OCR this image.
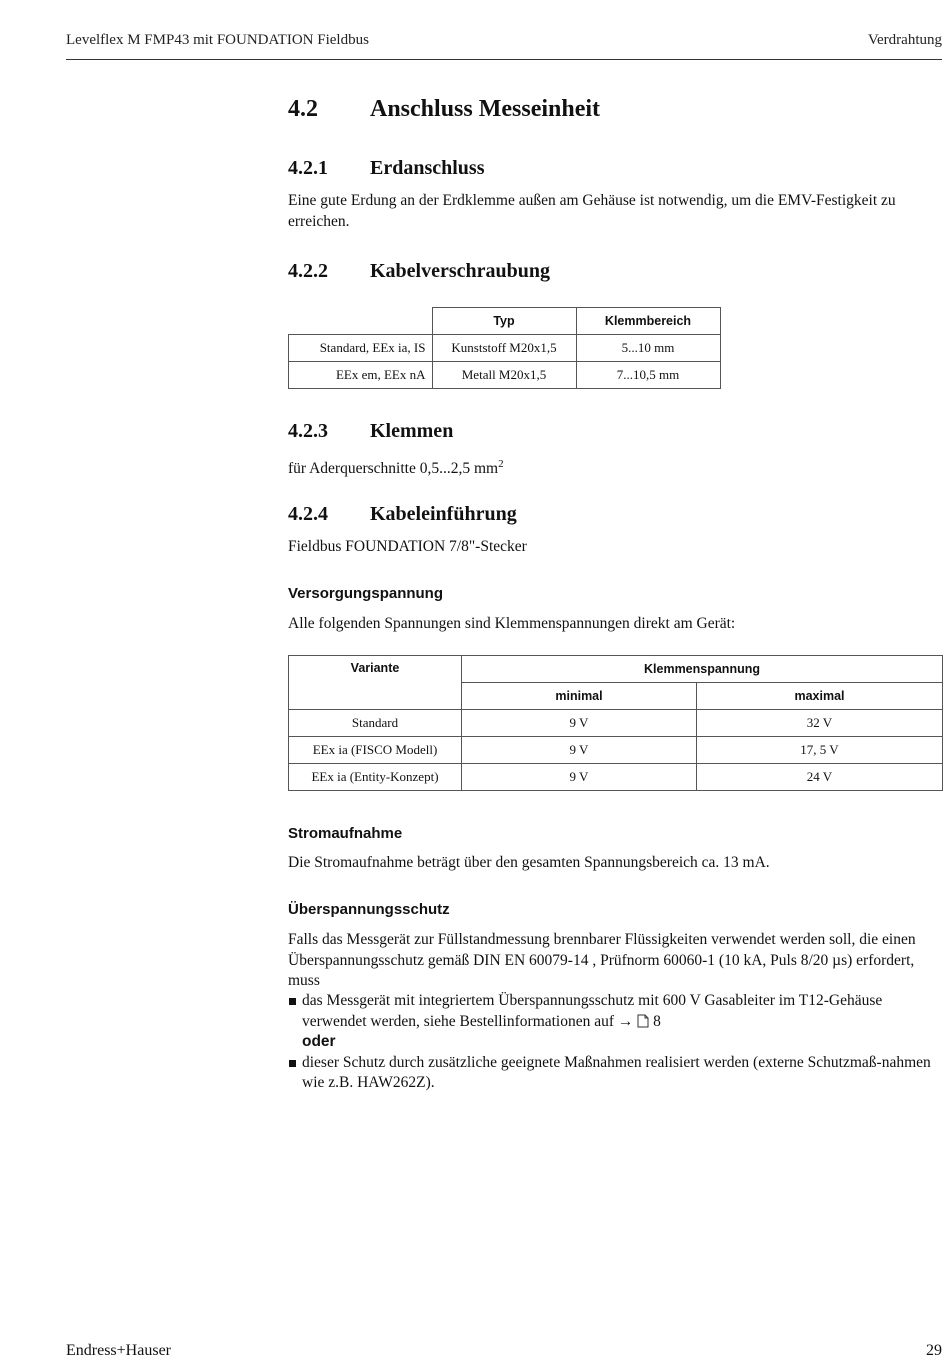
Levelflex M FMP43 mit FOUNDATION Fieldbus	Verdrahtung
4.2 Anschluss Messeinheit
4.2.1 Erdanschluss
Eine gute Erdung an der Erdklemme außen am Gehäuse ist notwendig, um die EMV-Festigkeit zu erreichen.
4.2.2 Kabelverschraubung
	Typ	Klemmbereich
Standard, EEx ia, IS	Kunststoff M20x1,5	5...10 mm
EEx em, EEx nA	Metall M20x1,5	7...10,5 mm
4.2.3 Klemmen
für Aderquerschnitte 0,5...2,5 $mm^2$
4.2.4 Kabeleinführung
Fieldbus FOUNDATION 7/8"-Stecker
Versorgungspannung
Alle folgenden Spannungen sind Klemmenspannungen direkt am Gerät:
Variante	Klemmenspannung	
	minimal	maximal
Standard	9 V	32 V
EEx ia (FISCO Modell)	9 V	17, 5 V
EEx ia (Entity-Konzept)	9 V	24 V
Stromaufnahme
Die Stromaufnahme beträgt über den gesamten Spannungsbereich ca. 13 mA.
Überspannungsschutz
Falls das Messgerät zur Füllstandmessung brennbarer Flüssigkeiten verwendet werden soll, die einen Überspannungsschutz gemäß DIN EN 60079-14 , Prüfnorm 60060-1 (10 kA, Puls 8/20 µs) erfordert, muss
das Messgerät mit integriertem Überspannungsschutz mit 600 V Gasableiter im T12-Gehäuse verwendet werden, siehe Bestellinformationen auf → 8
oder
dieser Schutz durch zusätzliche geeignete Maßnahmen realisiert werden (externe Schutzmaß-nahmen wie z.B. HAW262Z).
Endress+Hauser	29
